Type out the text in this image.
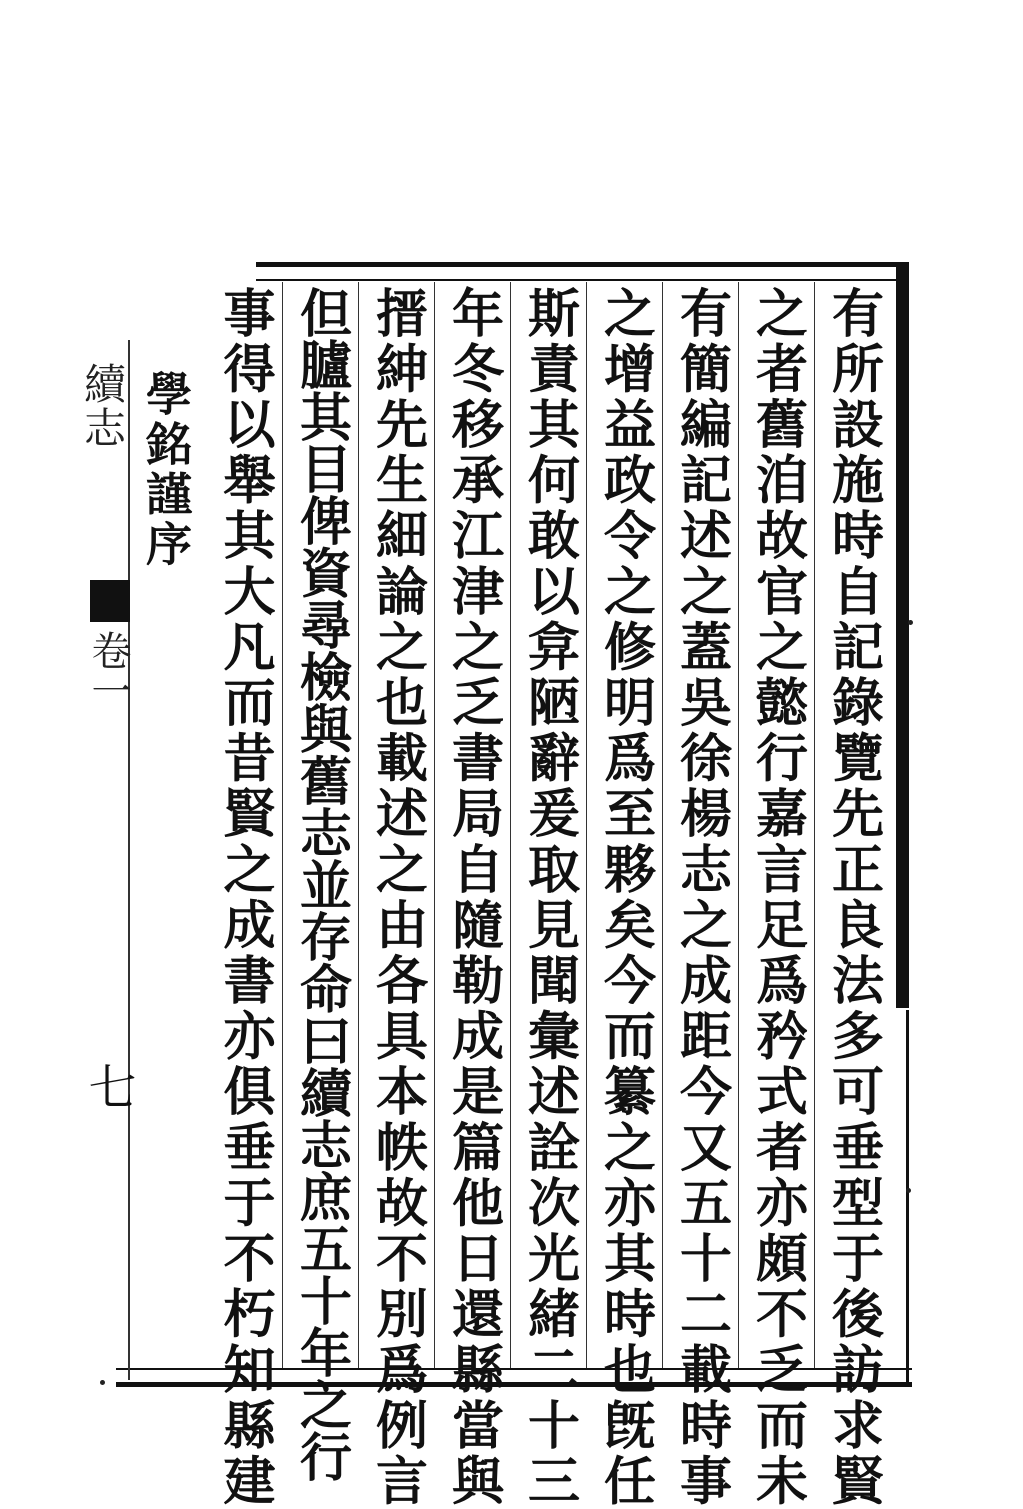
有所設施時自記錄覽先正良法多可垂型于後訪求賢
之者舊洎故官之懿行嘉言足爲矜式者亦頗不乏而未
有簡編記述之蓋吳徐楊志之成距今又五十二載時事
之增益政令之修明爲至夥矣今而纂之亦其時也旣任
斯責其何敢以弇陋辭爰取見聞彙述詮次光緒二十三
年冬移承江津之乏書局自隨勒成是篇他日還縣當與
搢紳先生細論之也載述之由各具本帙故不別爲例言
但臚其目俾資尋檢與舊志並存命曰續志庶五十年之行
事得以舉其大凡而昔賢之成書亦俱垂于不朽知縣建
續志
卷一
七
學銘謹序
